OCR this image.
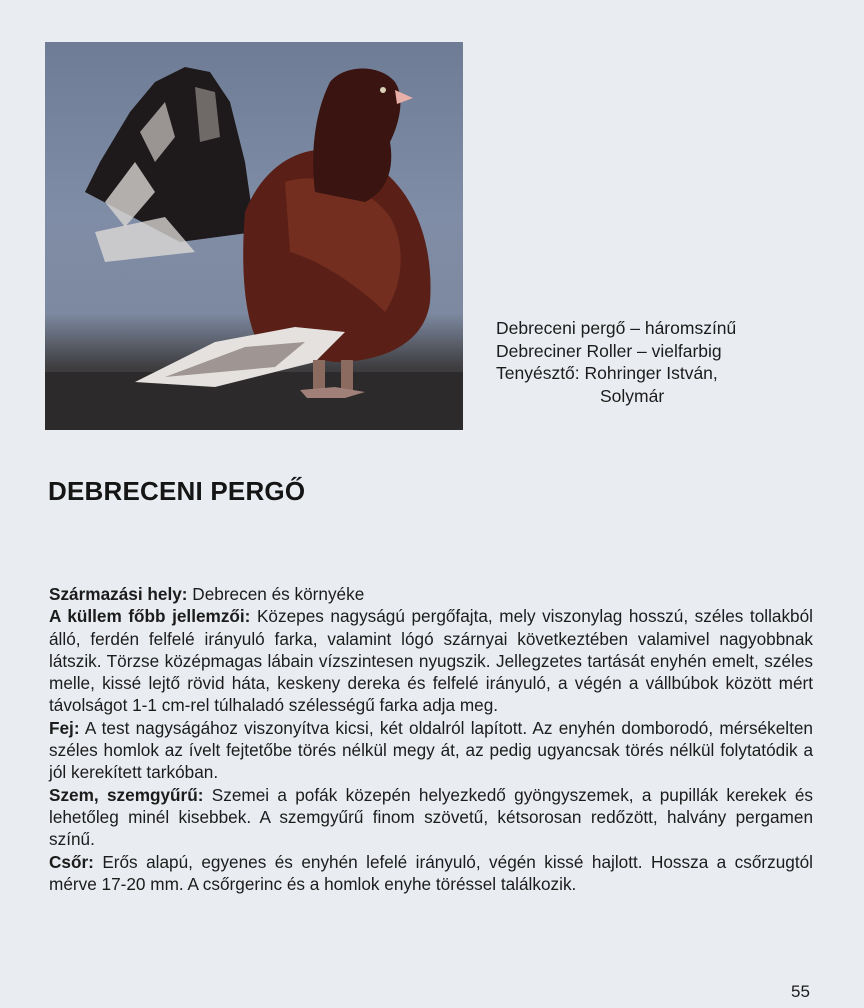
Debreceni pergő – háromszínű
Debreciner Roller – vielfarbig
Tenyésztő: Rohringer István,
Solymár
DEBRECENI PERGŐ

Származási hely: Debrecen és környéke

A küllem főbb jellemzői: Közepes nagyságú pergőfajta, mely viszonylag hosszú, széles tollakból álló, ferdén felfelé irányuló farka, valamint lógó szárnyai következtében valamivel nagyobbnak látszik. Törzse középmagas lábain vízszintesen nyugszik. Jellegzetes tartását enyhén emelt, széles melle, kissé lejtő rövid háta, keskeny dereka és felfelé irányuló, a végén a vállbúbok között mért távolságot 1-1 cm-rel túlhaladó szélességű farka adja meg.

Fej: A test nagyságához viszonyítva kicsi, két oldalról lapított. Az enyhén domborodó, mérsékelten széles homlok az ívelt fejtetőbe törés nélkül megy át, az pedig ugyancsak törés nélkül folytatódik a jól kerekített tarkóban.

Szem, szemgyűrű: Szemei a pofák közepén helyezkedő gyöngyszemek, a pupillák kerekek és lehetőleg minél kisebbek. A szemgyűrű finom szövetű, kétsorosan redőzött, halvány pergamen színű.

Csőr: Erős alapú, egyenes és enyhén lefelé irányuló, végén kissé hajlott. Hossza a csőrzugtól mérve 17-20 mm. A csőrgerinc és a homlok enyhe töréssel találkozik.

55
